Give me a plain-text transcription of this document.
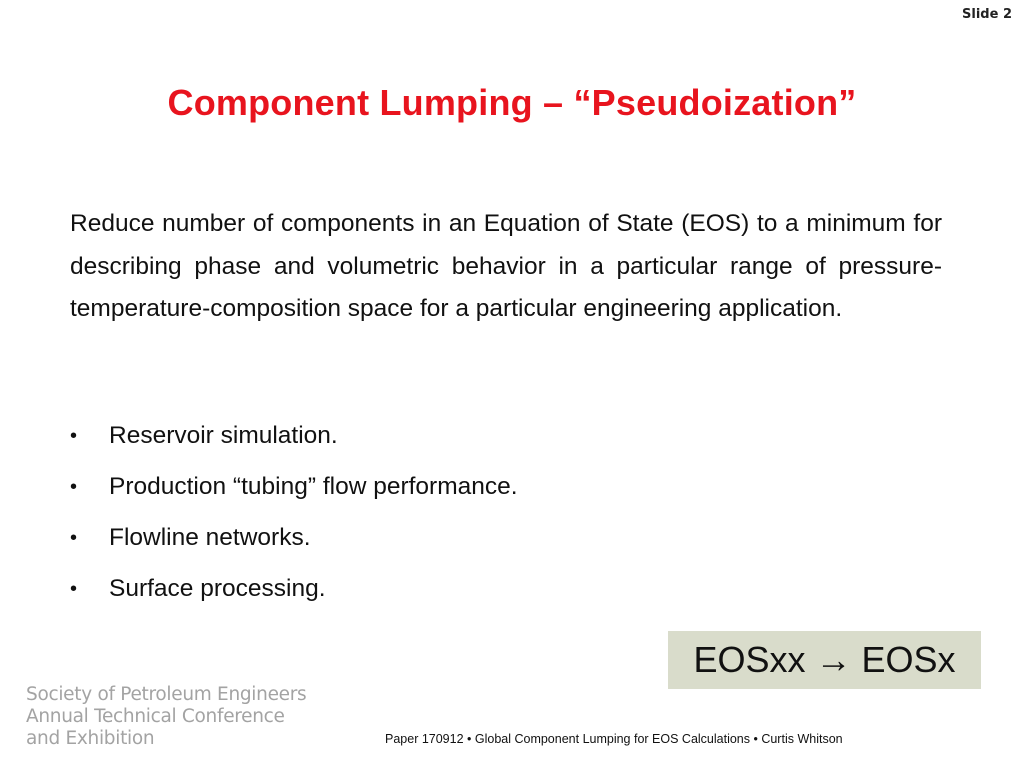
Slide 2
Component Lumping – “Pseudoization”
Reduce number of components in an Equation of State (EOS) to a minimum for describing phase and volumetric behavior in a particular range of pressure-temperature-composition space for a particular engineering application.
• Reservoir simulation.
• Production “tubing” flow performance.
• Flowline networks.
• Surface processing.
EOSxx → EOSx
Society of Petroleum Engineers
Annual Technical Conference
and Exhibition	Paper 170912 • Global Component Lumping for EOS Calculations • Curtis Whitson
